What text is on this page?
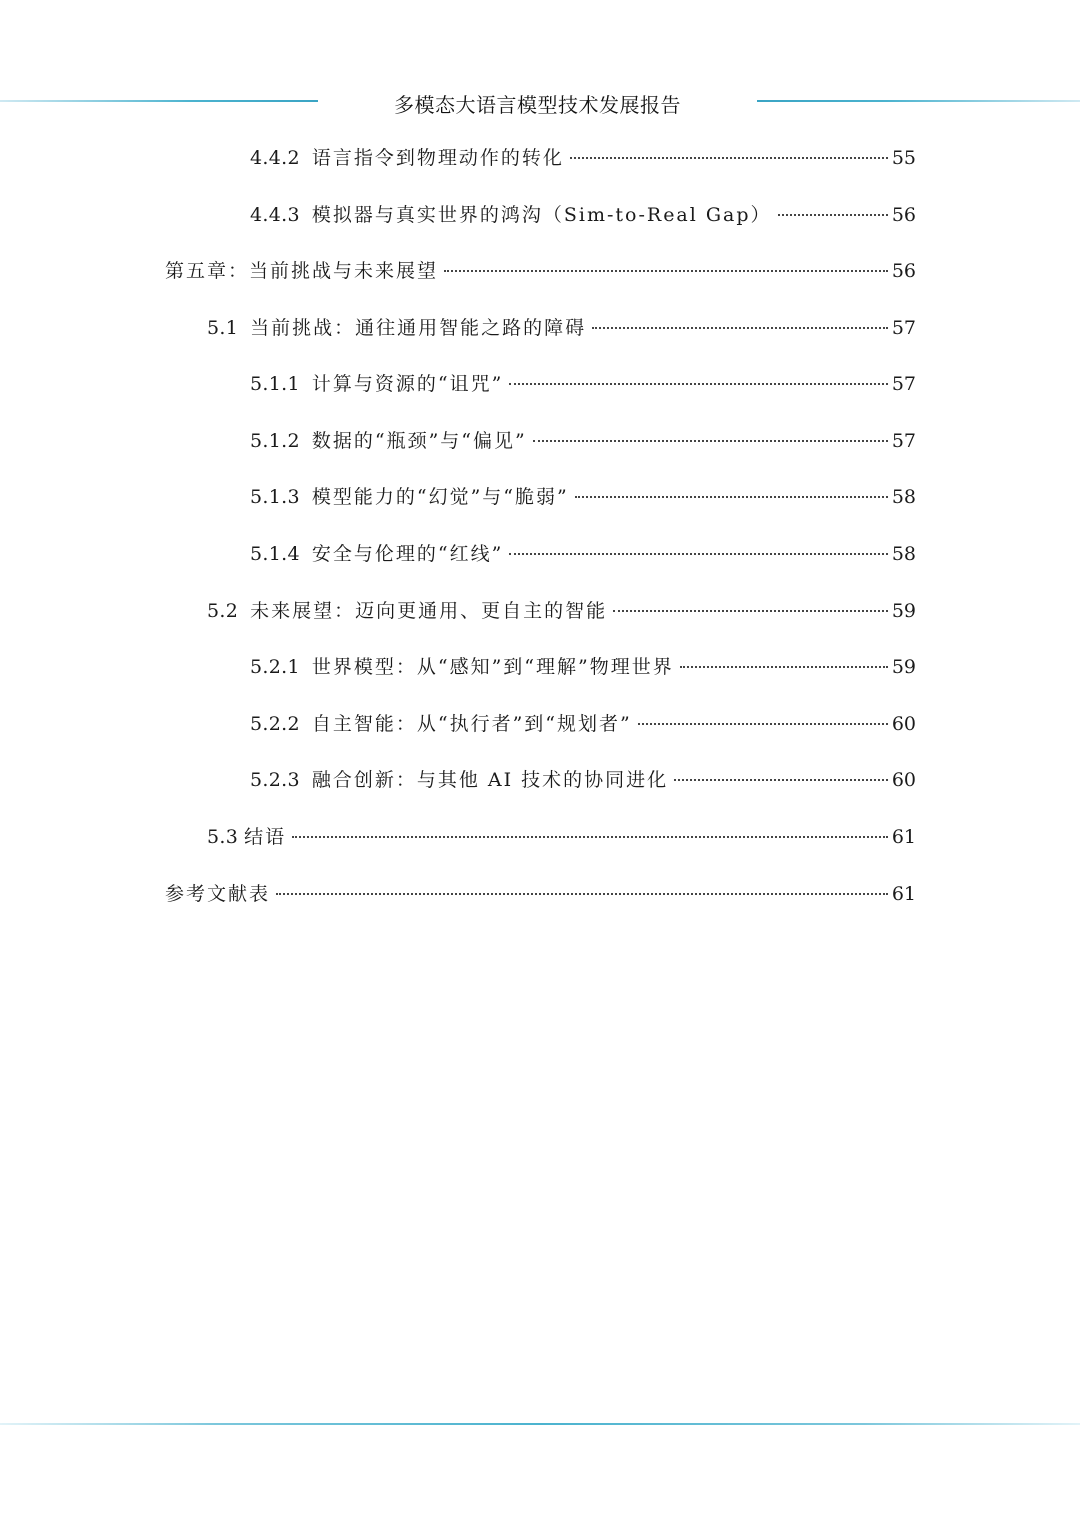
多模态大语言模型技术发展报告
4.4.2 语言指令到物理动作的转化	55
4.4.3 模拟器与真实世界的鸿沟（Sim-to-Real Gap）	56
第五章：当前挑战与未来展望	56
5.1 当前挑战：通往通用智能之路的障碍	57
5.1.1 计算与资源的“诅咒”	57
5.1.2 数据的“瓶颈”与“偏见”	57
5.1.3 模型能力的“幻觉”与“脆弱”	58
5.1.4 安全与伦理的“红线”	58
5.2 未来展望：迈向更通用、更自主的智能	59
5.2.1 世界模型：从“感知”到“理解”物理世界	59
5.2.2 自主智能：从“执行者”到“规划者”	60
5.2.3 融合创新：与其他 AI 技术的协同进化	60
5.3 结语	61
参考文献表	61
